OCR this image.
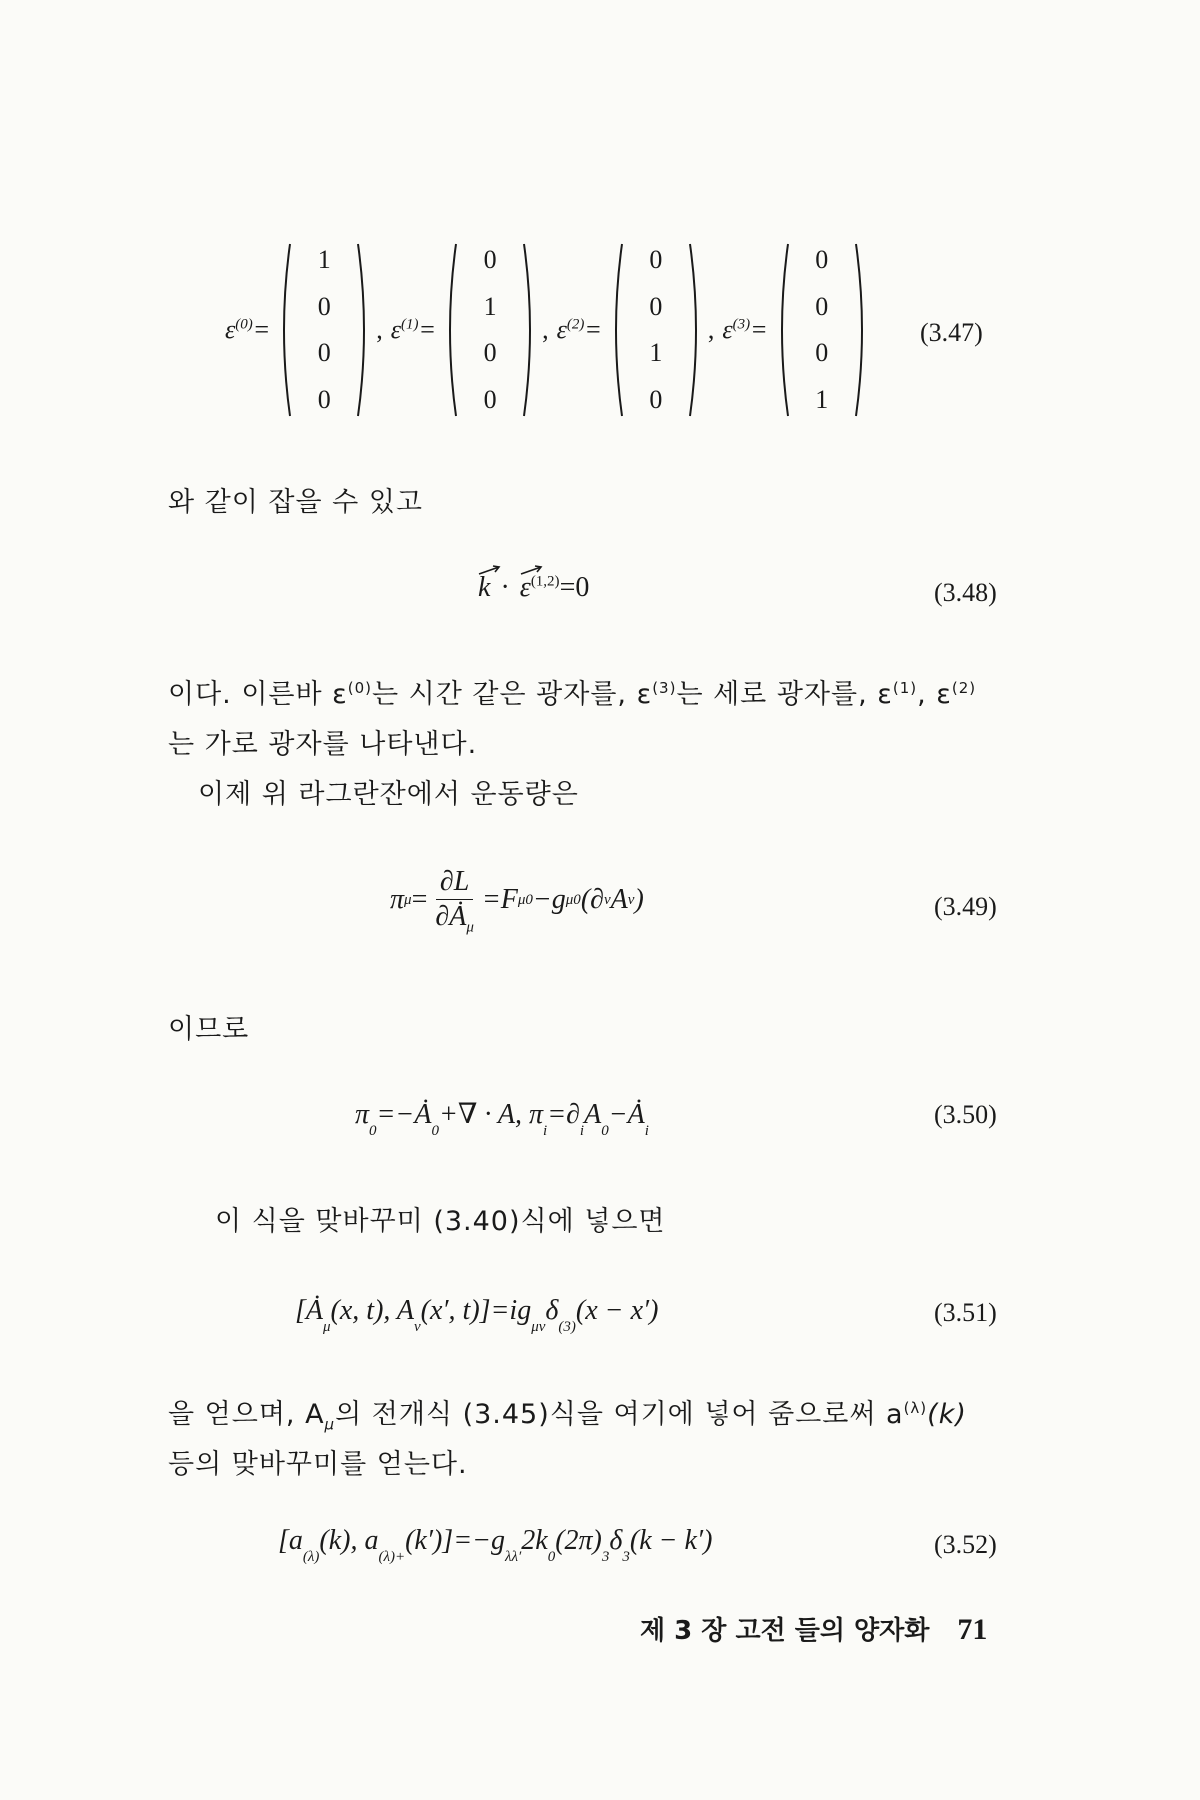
$\varepsilon^{(0)}=$
1
0
0
0
, $\varepsilon^{(1)}=$
0
1
0
0
, $\varepsilon^{(2)}=$
0
0
1
0
, $\varepsilon^{(3)}=$
0
0
0
1
(3.47)
와 같이 잡을 수 있고
$k \cdot \varepsilon^{(1,2)} =0$	(3.48)
이다. 이른바 $\varepsilon^{(0)}$는 시간 같은 광자를, $\varepsilon^{(3)}$는 세로 광자를, $\varepsilon^{(1)}$, $\varepsilon^{(2)}$
는 가로 광자를 나타낸다.
이제 위 라그란잔에서 운동량은
π $\mu = \frac{\partial L}{\partial Ȧ_\mu} =F$ μ0 −g μ0 (∂ ν A ν )	(3.49)
이므로
π
0
=−Ȧ
0
+∇ · A, π
i
=∂
i
A
0
−Ȧ
i
(3.50)
이 식을 맞바꾸미 (3.40)식에 넣으면
[Ȧ
μ
(x, t), A
ν
(x′, t)]=ig
μν
δ
(3)
(x − x′)	(3.51)
을 얻으며, $A_\mu$의 전개식 (3.45)식을 여기에 넣어 줌으로써 $a^{(\lambda)}(k)$
등의 맞바꾸미를 얻는다.
[a
(λ)
(k), a
(λ)+
(k′)]=−g
λλ′
2k
0
(2π)
3
δ
3
(k − k′)	(3.52)
제 3 장 고전 들의 양자화 71
